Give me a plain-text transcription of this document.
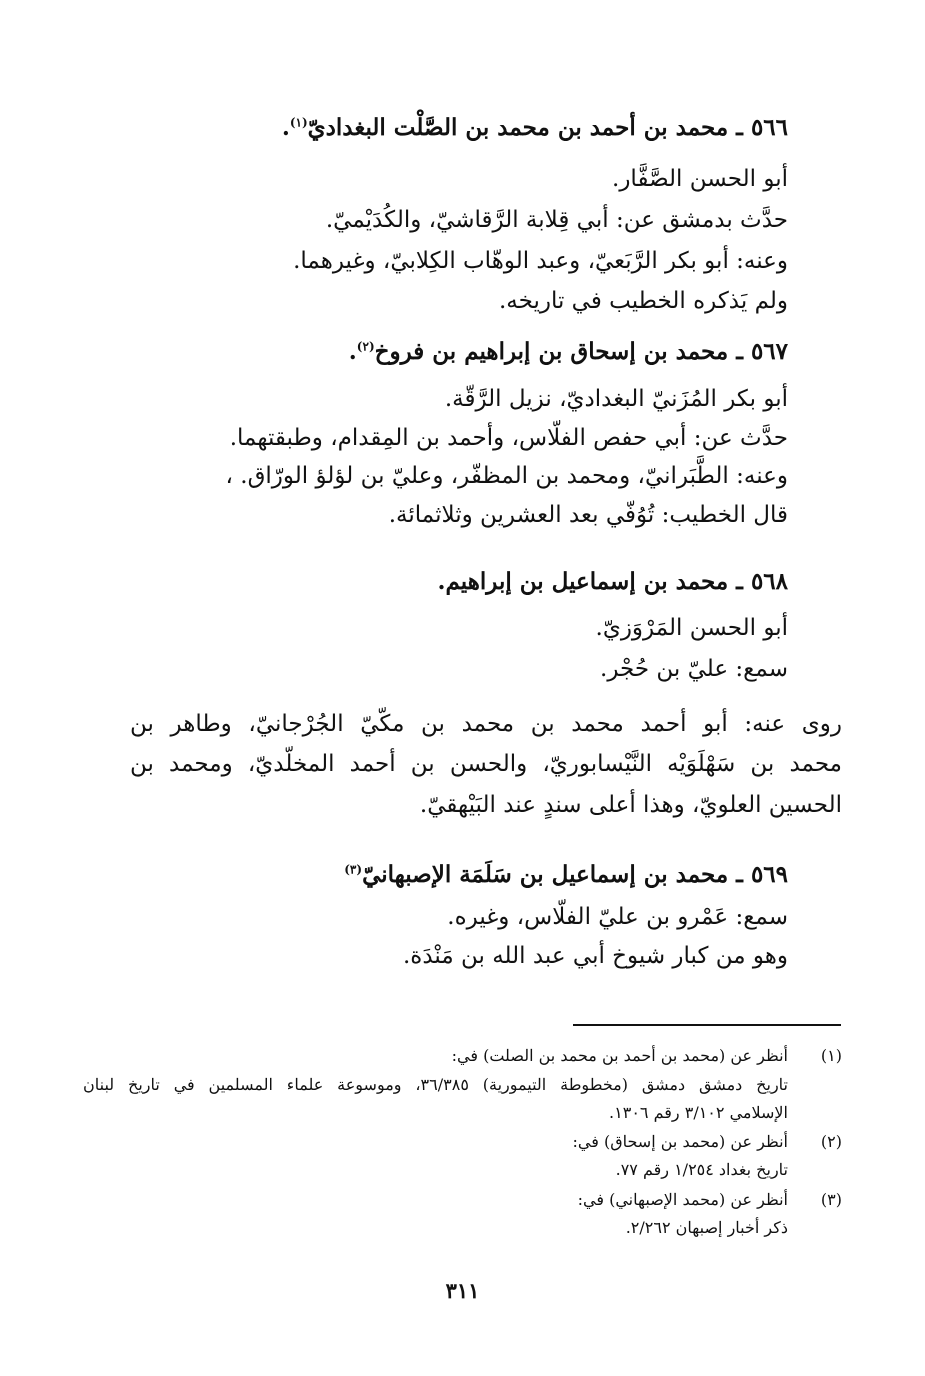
٥٦٦ ـ محمد بن أحمد بن محمد بن الصَّلْت البغداديّ$^{(١)}$.
أبو الحسن الصَّفَّار.
حدَّث بدمشق عن: أبي قِلابة الرَّقاشيّ، والكُدَيْميّ.
وعنه: أبو بكر الرَّبَعيّ، وعبد الوهّاب الكِلابيّ، وغيرهما.
ولم يَذكره الخطيب في تاريخه.
٥٦٧ ـ محمد بن إسحاق بن إبراهيم بن فروخ$^{(٢)}$.
أبو بكر المُزَنيّ البغداديّ، نزيل الرَّقّة.
حدَّث عن: أبي حفص الفلّاس، وأحمد بن المِقدام، وطبقتهما.
وعنه: الطَّبَرانيّ، ومحمد بن المظفّر، وعليّ بن لؤلؤ الورّاق. ،
قال الخطيب: تُوُفّي بعد العشرين وثلاثمائة.
٥٦٨ ـ محمد بن إسماعيل بن إبراهيم.
أبو الحسن المَرْوَزيّ.
سمع: عليّ بن حُجْر.
روى عنه: أبو أحمد محمد بن محمد بن مكّيّ الجُرْجانيّ، وطاهر بن
محمد بن سَهْلَوَيْه النَّيْسابوريّ، والحسن بن أحمد المخلّديّ، ومحمد بن
الحسين العلويّ، وهذا أعلى سندٍ عند البَيْهقيّ.
٥٦٩ ـ محمد بن إسماعيل بن سَلَمَة الإصبهانيّ$^{(٣)}$
سمع: عَمْرو بن عليّ الفلّاس، وغيره.
وهو من كبار شيوخ أبي عبد الله بن مَنْدَة.
(١)
أنظر عن (محمد بن أحمد بن محمد بن الصلت) في:
تاريخ دمشق دمشق (مخطوطة التيمورية) ٣٦/٣٨٥، وموسوعة علماء المسلمين في تاريخ لبنان
الإسلامي ٣/١٠٢ رقم ١٣٠٦.
(٢)
أنظر عن (محمد بن إسحاق) في:
تاريخ بغداد ١/٢٥٤ رقم ٧٧.
(٣)
أنظر عن (محمد الإصبهاني) في:
ذكر أخبار إصبهان ٢/٢٦٢.
٣١١
